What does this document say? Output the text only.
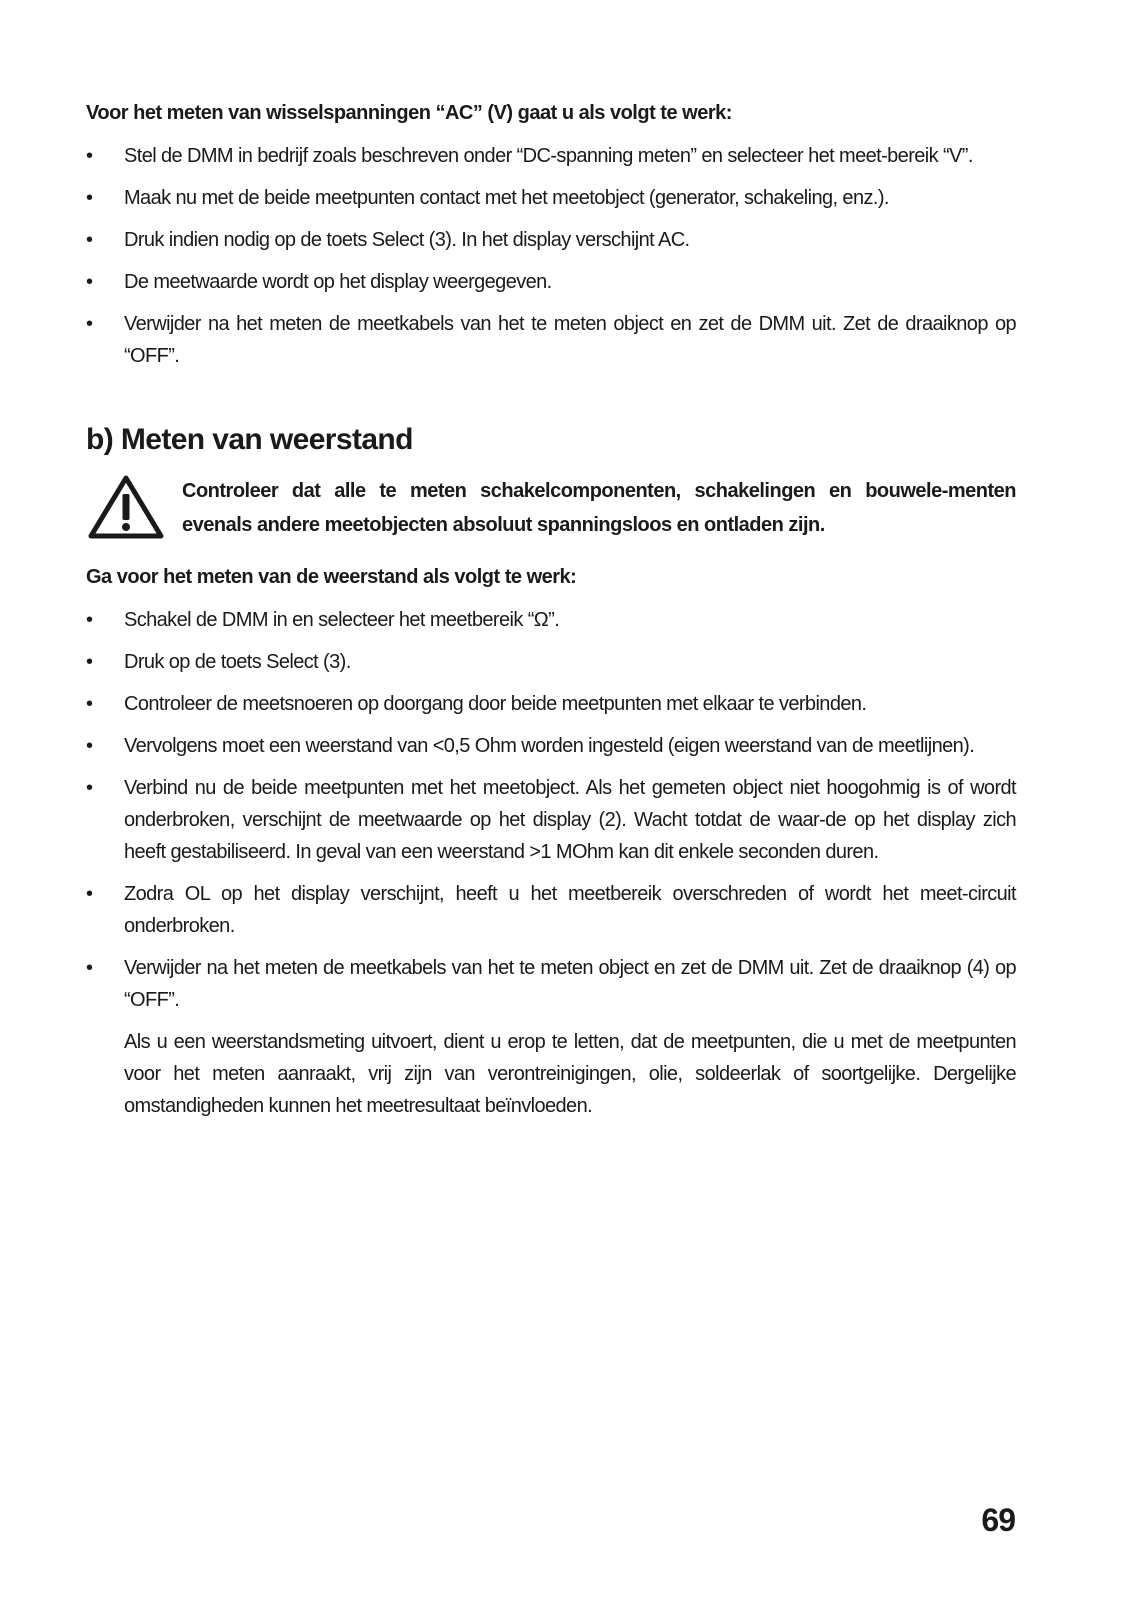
Voor het meten van wisselspanningen “AC” (V) gaat u als volgt te werk:
• Stel de DMM in bedrijf zoals beschreven onder “DC-spanning meten” en selecteer het meet-bereik “V”.
• Maak nu met de beide meetpunten contact met het meetobject (generator, schakeling, enz.).
• Druk indien nodig op de toets Select (3). In het display verschijnt AC.
• De meetwaarde wordt op het display weergegeven.
• Verwijder na het meten de meetkabels van het te meten object en zet de DMM uit. Zet de draaiknop op “OFF”.
b) Meten van weerstand
Controleer dat alle te meten schakelcomponenten, schakelingen en bouwele-menten evenals andere meetobjecten absoluut spanningsloos en ontladen zijn.
Ga voor het meten van de weerstand als volgt te werk:
• Schakel de DMM in en selecteer het meetbereik “Ω”.
• Druk op de toets Select (3).
• Controleer de meetsnoeren op doorgang door beide meetpunten met elkaar te verbinden.
• Vervolgens moet een weerstand van <0,5 Ohm worden ingesteld (eigen weerstand van de meetlijnen).
• Verbind nu de beide meetpunten met het meetobject. Als het gemeten object niet hoogohmig is of wordt onderbroken, verschijnt de meetwaarde op het display (2). Wacht totdat de waar-de op het display zich heeft gestabiliseerd. In geval van een weerstand >1 MOhm kan dit enkele seconden duren.
• Zodra OL op het display verschijnt, heeft u het meetbereik overschreden of wordt het meet-circuit onderbroken.
• Verwijder na het meten de meetkabels van het te meten object en zet de DMM uit. Zet de draaiknop (4) op “OFF”.
Als u een weerstandsmeting uitvoert, dient u erop te letten, dat de meetpunten, die u met de meetpunten voor het meten aanraakt, vrij zijn van verontreinigingen, olie, soldeerlak of soortgelijke. Dergelijke omstandigheden kunnen het meetresultaat beïnvloeden.
69
